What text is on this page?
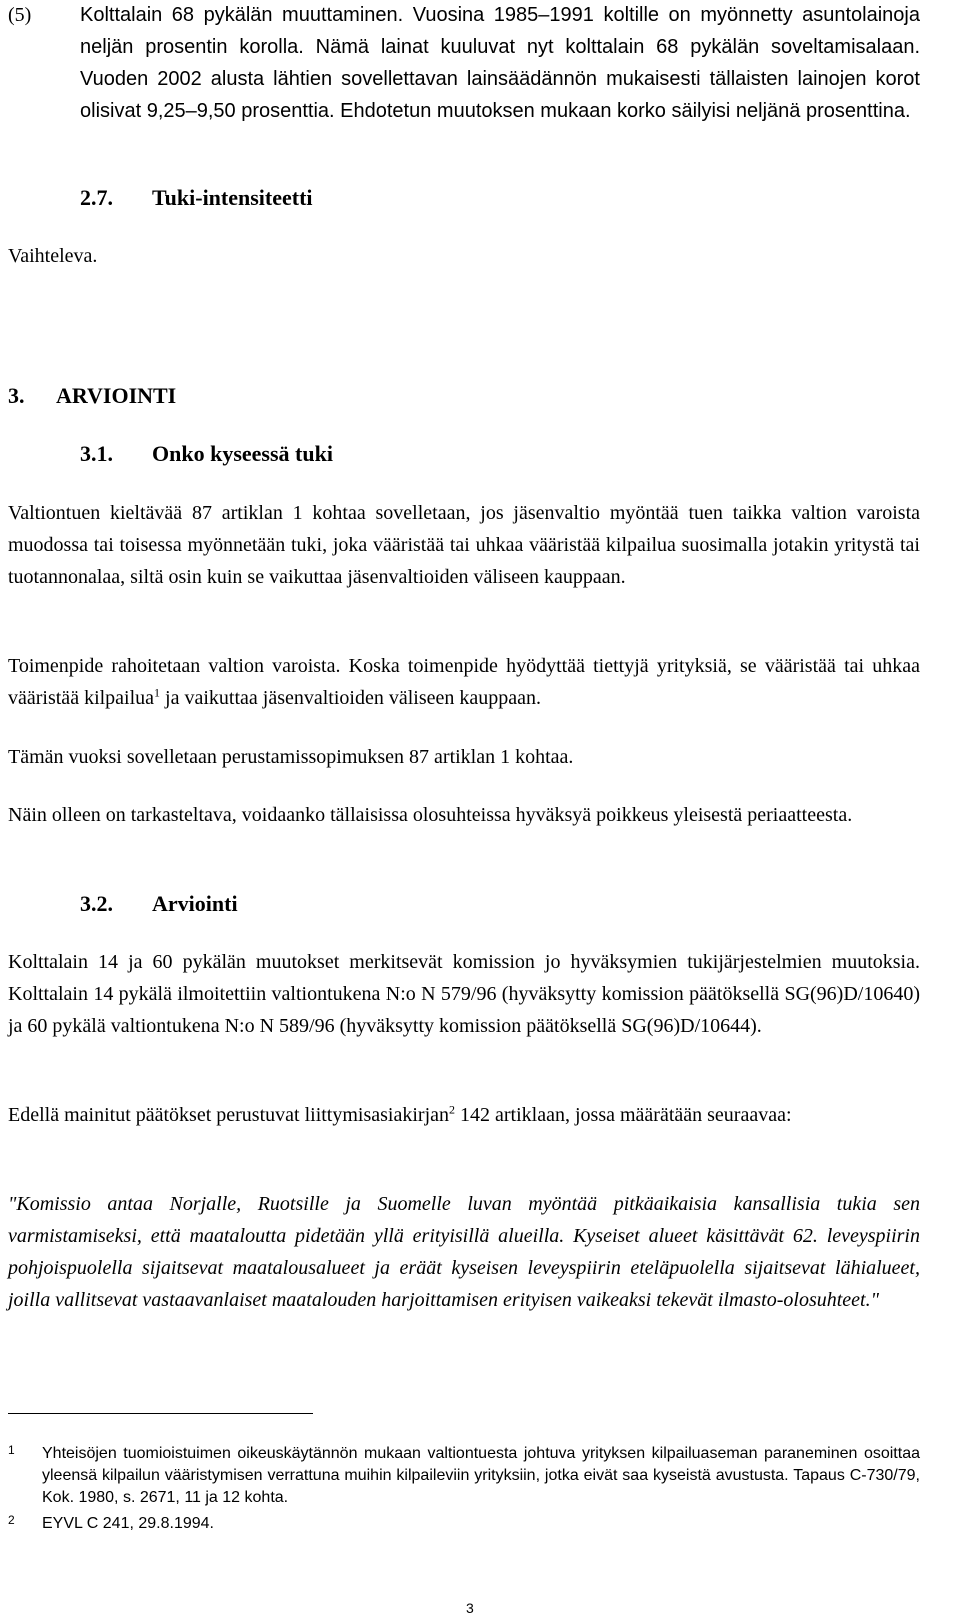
(5) Kolttalain 68 pykälän muuttaminen. Vuosina 1985–1991 koltille on myönnetty asuntolainoja neljän prosentin korolla. Nämä lainat kuuluvat nyt kolttalain 68 pykälän soveltamisalaan. Vuoden 2002 alusta lähtien sovellettavan lainsäädännön mukaisesti tällaisten lainojen korot olisivat 9,25–9,50 prosenttia. Ehdotetun muutoksen mukaan korko säilyisi neljänä prosenttina.
2.7. Tuki-intensiteetti

Vaihteleva.

3. ARVIOINTI
3.1. Onko kyseessä tuki

Valtiontuen kieltävää 87 artiklan 1 kohtaa sovelletaan, jos jäsenvaltio myöntää tuen taikka valtion varoista muodossa tai toisessa myönnetään tuki, joka vääristää tai uhkaa vääristää kilpailua suosimalla jotakin yritystä tai tuotannonalaa, siltä osin kuin se vaikuttaa jäsenvaltioiden väliseen kauppaan.

Toimenpide rahoitetaan valtion varoista. Koska toimenpide hyödyttää tiettyjä yrityksiä, se vääristää tai uhkaa vääristää kilpailua$^1$ ja vaikuttaa jäsenvaltioiden väliseen kauppaan.

Tämän vuoksi sovelletaan perustamissopimuksen 87 artiklan 1 kohtaa.

Näin olleen on tarkasteltava, voidaanko tällaisissa olosuhteissa hyväksyä poikkeus yleisestä periaatteesta.

3.2. Arviointi

Kolttalain 14 ja 60 pykälän muutokset merkitsevät komission jo hyväksymien tukijärjestelmien muutoksia. Kolttalain 14 pykälä ilmoitettiin valtiontukena N:o N 579/96 (hyväksytty komission päätöksellä SG(96)D/10640) ja 60 pykälä valtiontukena N:o N 589/96 (hyväksytty komission päätöksellä SG(96)D/10644).

Edellä mainitut päätökset perustuvat liittymisasiakirjan$^2$ 142 artiklaan, jossa määrätään seuraavaa:

"Komissio antaa Norjalle, Ruotsille ja Suomelle luvan myöntää pitkäaikaisia kansallisia tukia sen varmistamiseksi, että maataloutta pidetään yllä erityisillä alueilla. Kyseiset alueet käsittävät 62. leveyspiirin pohjoispuolella sijaitsevat maatalousalueet ja eräät kyseisen leveyspiirin eteläpuolella sijaitsevat lähialueet, joilla vallitsevat vastaavanlaiset maatalouden harjoittamisen erityisen vaikeaksi tekevät ilmasto-olosuhteet."

1 Yhteisöjen tuomioistuimen oikeuskäytännön mukaan valtiontuesta johtuva yrityksen kilpailuaseman paraneminen osoittaa yleensä kilpailun vääristymisen verrattuna muihin kilpaileviin yrityksiin, jotka eivät saa kyseistä avustusta. Tapaus C-730/79, Kok. 1980, s. 2671, 11 ja 12 kohta.
2 EYVL C 241, 29.8.1994.
3
